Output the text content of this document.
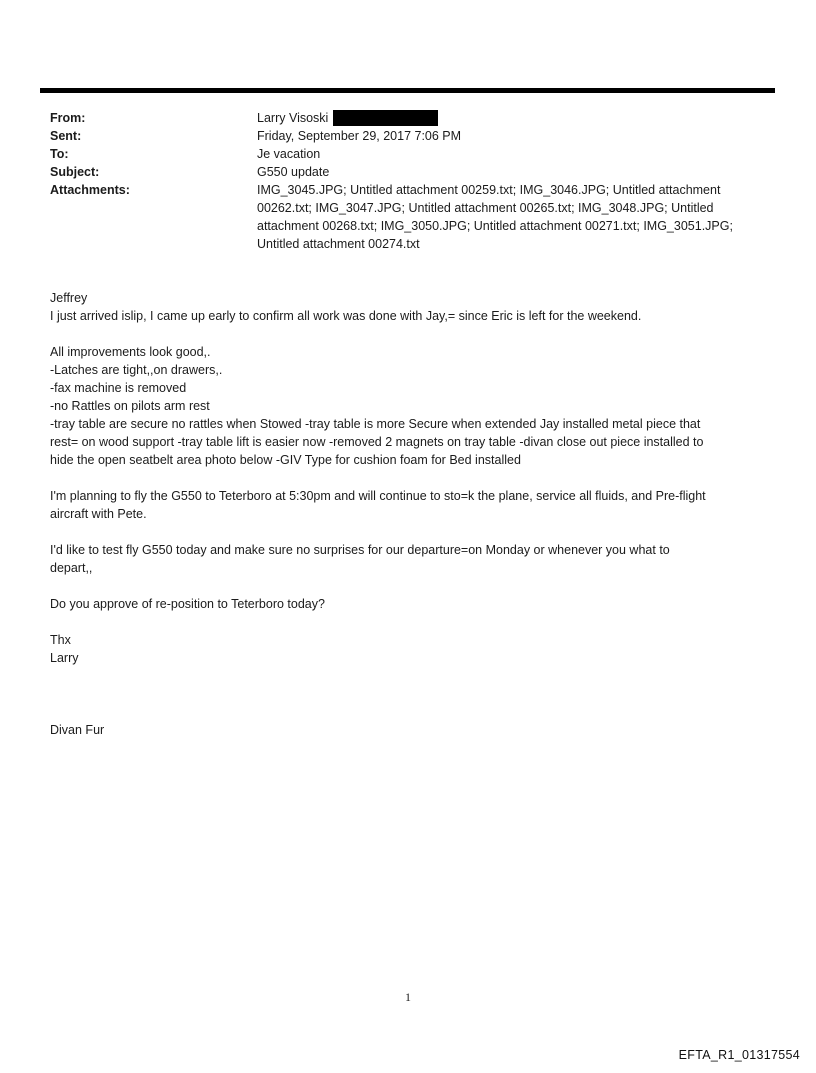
From:	Larry Visoski
Sent:	Friday, September 29, 2017 7:06 PM
To:	Je vacation
Subject:	G550 update
Attachments:	IMG_3045.JPG; Untitled attachment 00259.txt; IMG_3046.JPG; Untitled attachment 00262.txt; IMG_3047.JPG; Untitled attachment 00265.txt; IMG_3048.JPG; Untitled attachment 00268.txt; IMG_3050.JPG; Untitled attachment 00271.txt; IMG_3051.JPG; Untitled attachment 00274.txt
Jeffrey
I just arrived islip, I came up early to confirm all work was done with Jay,= since Eric is left for the weekend.
All improvements look good,.
-Latches are tight,,on drawers,.
-fax machine is removed
-no Rattles on pilots arm rest
-tray table are secure no rattles when Stowed -tray table is more Secure when extended Jay installed metal piece that
rest= on wood support -tray table lift is easier now -removed 2 magnets on tray table -divan close out piece installed to
hide the open seatbelt area photo below -GIV Type for cushion foam for Bed installed
I'm planning to fly the G550 to Teterboro at 5:30pm and will continue to sto=k the plane, service all fluids, and Pre-flight
aircraft with Pete.
I'd like to test fly G550 today and make sure no surprises for our departure=on Monday or whenever you what to
depart,,
Do you approve of re-position to Teterboro today?
Thx
Larry
Divan Fur
1
EFTA_R1_01317554
